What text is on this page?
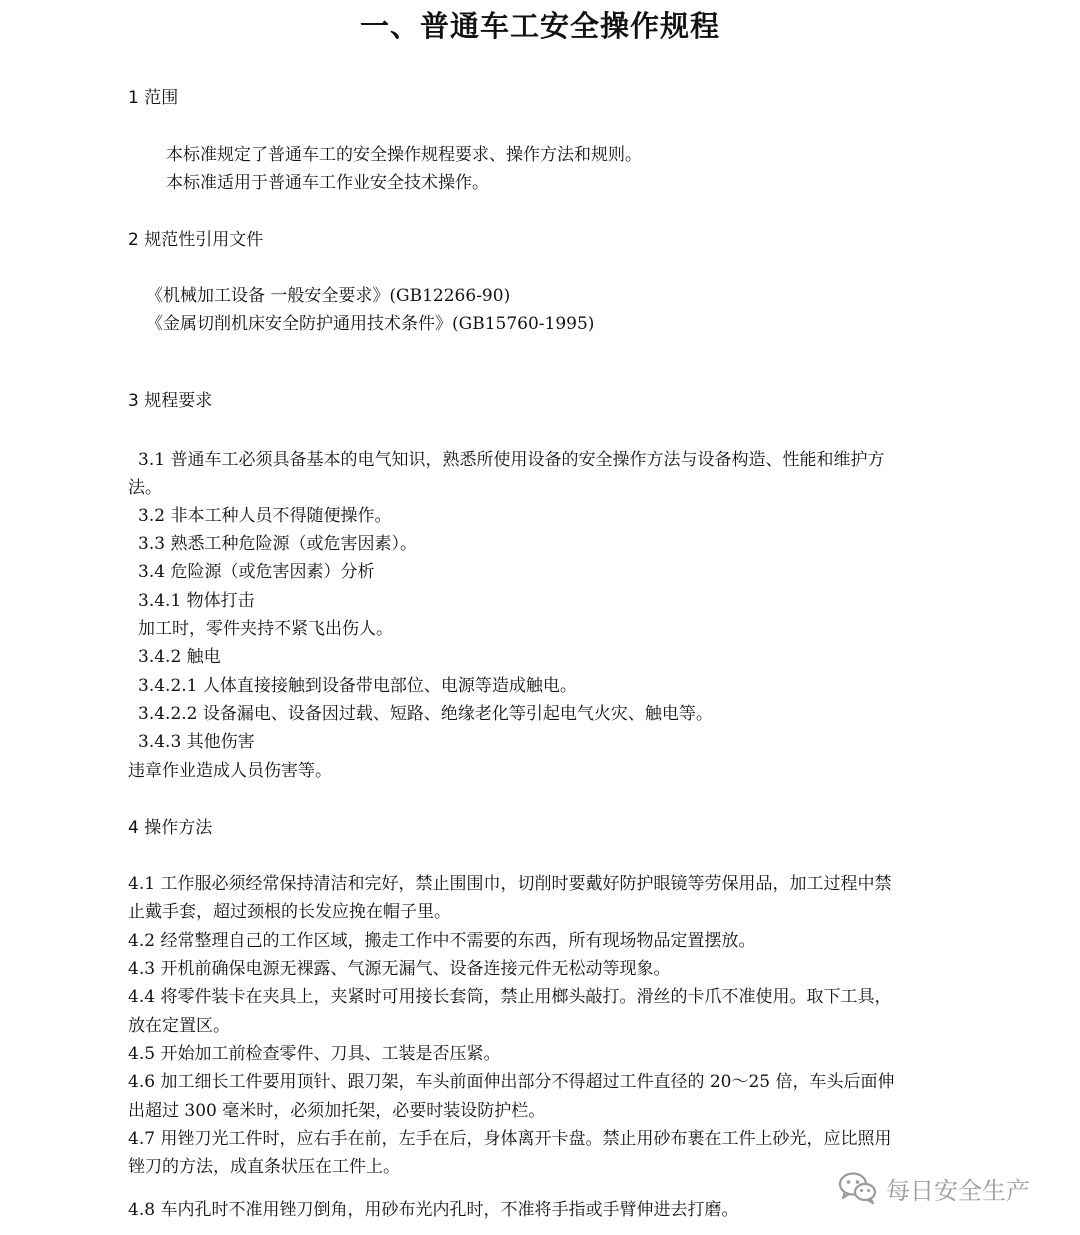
一、普通车工安全操作规程
1 范围
本标准规定了普通车工的安全操作规程要求、操作方法和规则。
本标准适用于普通车工作业安全技术操作。
2 规范性引用文件
《机械加工设备 一般安全要求》(GB12266-90)
《金属切削机床安全防护通用技术条件》(GB15760-1995)
3 规程要求
3.1 普通车工必须具备基本的电气知识，熟悉所使用设备的安全操作方法与设备构造、性能和维护方
法。
3.2 非本工种人员不得随便操作。
3.3 熟悉工种危险源（或危害因素）。
3.4 危险源（或危害因素）分析
3.4.1 物体打击
加工时，零件夹持不紧飞出伤人。
3.4.2 触电
3.4.2.1 人体直接接触到设备带电部位、电源等造成触电。
3.4.2.2 设备漏电、设备因过载、短路、绝缘老化等引起电气火灾、触电等。
3.4.3 其他伤害
违章作业造成人员伤害等。
4 操作方法
4.1 工作服必须经常保持清洁和完好，禁止围围巾，切削时要戴好防护眼镜等劳保用品，加工过程中禁
止戴手套，超过颈根的长发应挽在帽子里。
4.2 经常整理自己的工作区域，搬走工作中不需要的东西，所有现场物品定置摆放。
4.3 开机前确保电源无裸露、气源无漏气、设备连接元件无松动等现象。
4.4 将零件装卡在夹具上，夹紧时可用接长套筒，禁止用榔头敲打。滑丝的卡爪不准使用。取下工具，
放在定置区。
4.5 开始加工前检查零件、刀具、工装是否压紧。
4.6 加工细长工件要用顶针、跟刀架，车头前面伸出部分不得超过工件直径的 20～25 倍，车头后面伸
出超过 300 毫米时，必须加托架，必要时装设防护栏。
4.7 用锉刀光工件时，应右手在前，左手在后，身体离开卡盘。禁止用砂布裹在工件上砂光，应比照用
锉刀的方法，成直条状压在工件上。
4.8 车内孔时不准用锉刀倒角，用砂布光内孔时，不准将手指或手臂伸进去打磨。
每日安全生产
